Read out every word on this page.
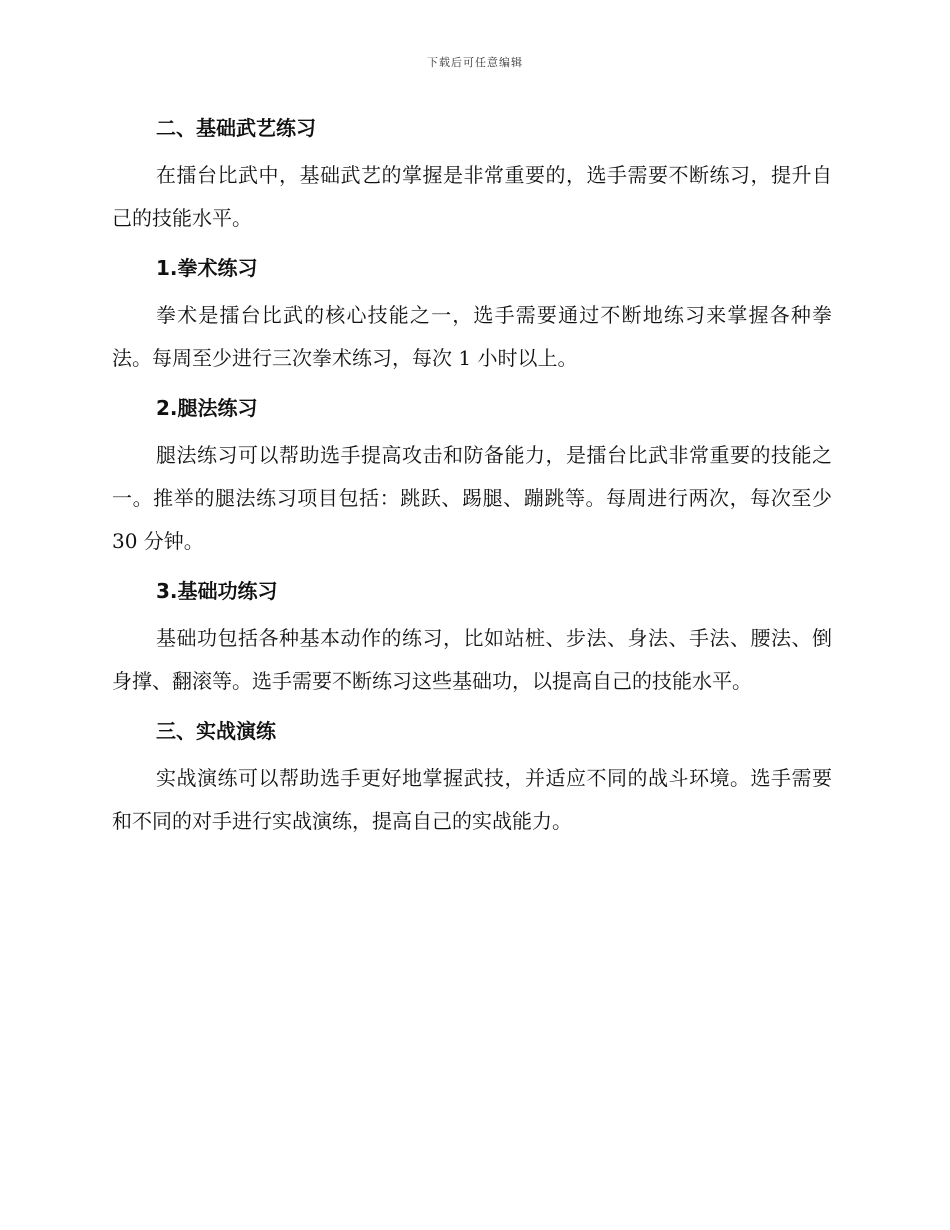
下载后可任意编辑
二、基础武艺练习

在擂台比武中，基础武艺的掌握是非常重要的，选手需要不断练习，提升自己的技能水平。

1.拳术练习

拳术是擂台比武的核心技能之一，选手需要通过不断地练习来掌握各种拳法。每周至少进行三次拳术练习，每次 1 小时以上。

2.腿法练习

腿法练习可以帮助选手提高攻击和防备能力，是擂台比武非常重要的技能之一。推举的腿法练习项目包括：跳跃、踢腿、蹦跳等。每周进行两次，每次至少 30 分钟。

3.基础功练习

基础功包括各种基本动作的练习，比如站桩、步法、身法、手法、腰法、倒身撑、翻滚等。选手需要不断练习这些基础功，以提高自己的技能水平。

三、实战演练

实战演练可以帮助选手更好地掌握武技，并适应不同的战斗环境。选手需要和不同的对手进行实战演练，提高自己的实战能力。
